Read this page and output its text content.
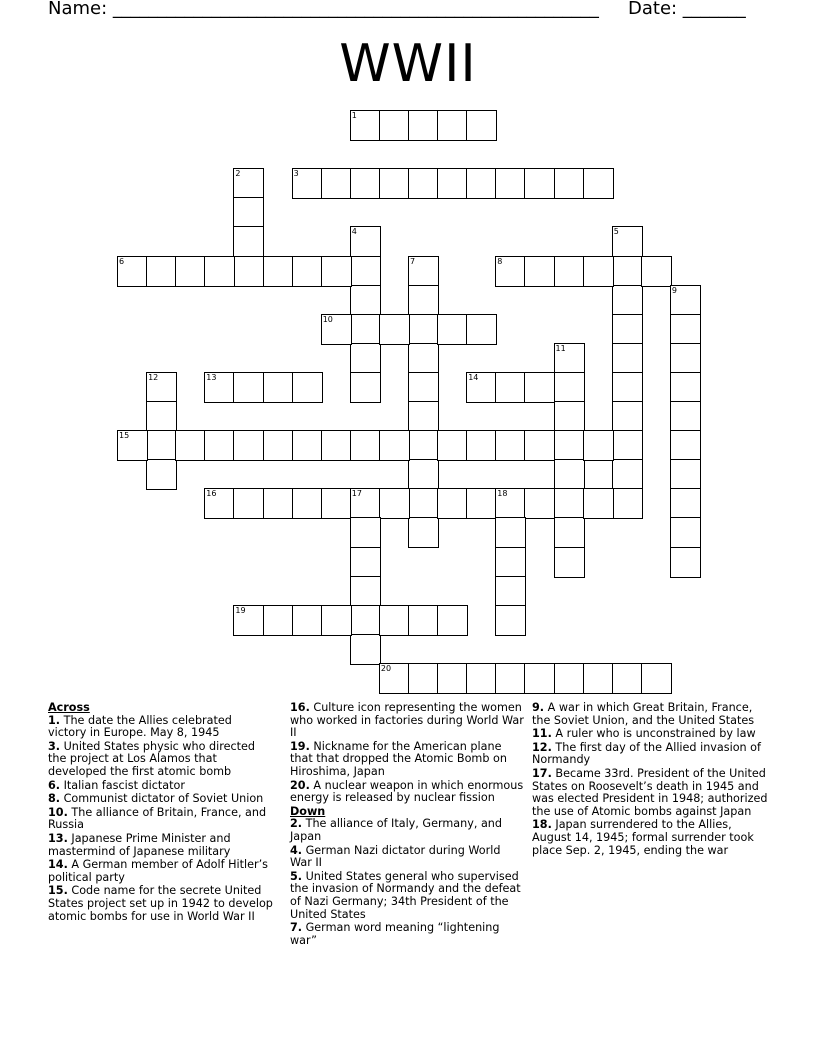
Name: ______________________________________________________ Date: _______
WWII
1
2	3
4	5
6	7	8
9
10
11
12	13	14
15
16	17	18
19
20
Across
1. The date the Allies celebrated victory in Europe. May 8, 1945
3. United States physic who directed the project at Los Alamos that developed the first atomic bomb
6. Italian fascist dictator
8. Communist dictator of Soviet Union
10. The alliance of Britain, France, and Russia
13. Japanese Prime Minister and mastermind of Japanese military
14. A German member of Adolf Hitler’s political party
15. Code name for the secrete United States project set up in 1942 to develop atomic bombs for use in World War II
16. Culture icon representing the women who worked in factories during World War II
19. Nickname for the American plane that that dropped the Atomic Bomb on Hiroshima, Japan
20. A nuclear weapon in which enormous energy is released by nuclear fission
Down
2. The alliance of Italy, Germany, and Japan
4. German Nazi dictator during World War II
5. United States general who supervised the invasion of Normandy and the defeat of Nazi Germany; 34th President of the United States
7. German word meaning “lightening war”
9. A war in which Great Britain, France, the Soviet Union, and the United States
11. A ruler who is unconstrained by law
12. The first day of the Allied invasion of Normandy
17. Became 33rd. President of the United States on Roosevelt’s death in 1945 and was elected President in 1948; authorized the use of Atomic bombs against Japan
18. Japan surrendered to the Allies, August 14, 1945; formal surrender took place Sep. 2, 1945, ending the war
